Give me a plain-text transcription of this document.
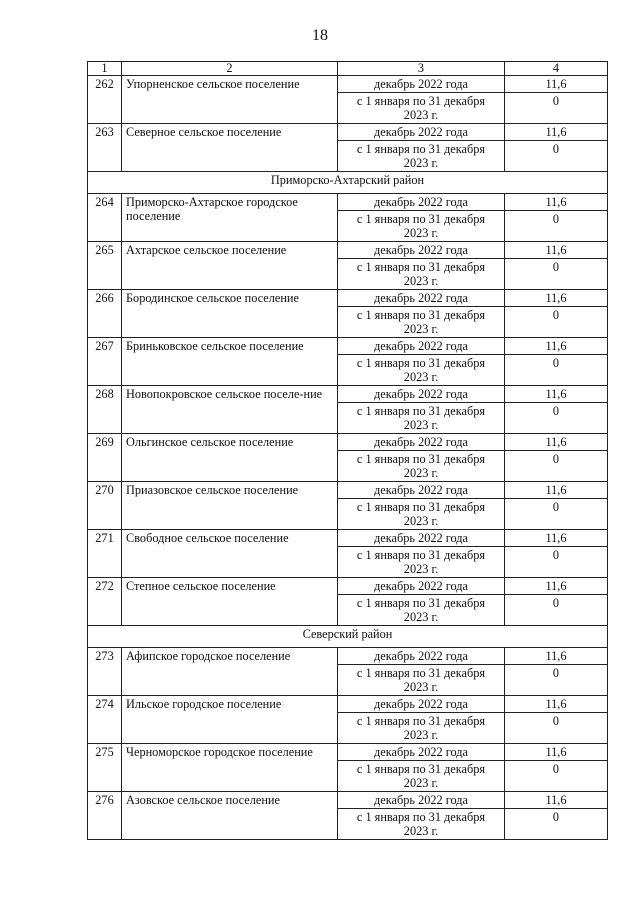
18
1	2	3	4
262	Упорненское сельское поселение	декабрь 2022 года	11,6

		с 1 января по 31 декабря
2023 г.	0
263	Северное сельское поселение	декабрь 2022 года	11,6

		с 1 января по 31 декабря
2023 г.	0
Приморско-Ахтарский район			
264	Приморско-Ахтарское городское поселение	декабрь 2022 года	11,6

		с 1 января по 31 декабря
2023 г.	0
265	Ахтарское сельское поселение	декабрь 2022 года	11,6

		с 1 января по 31 декабря
2023 г.	0
266	Бородинское сельское поселение	декабрь 2022 года	11,6

		с 1 января по 31 декабря
2023 г.	0
267	Бриньковское сельское поселение	декабрь 2022 года	11,6

		с 1 января по 31 декабря
2023 г.	0
268	Новопокровское сельское поселе-ние	декабрь 2022 года	11,6

		с 1 января по 31 декабря
2023 г.	0
269	Ольгинское сельское поселение	декабрь 2022 года	11,6

		с 1 января по 31 декабря
2023 г.	0
270	Приазовское сельское поселение	декабрь 2022 года	11,6

		с 1 января по 31 декабря
2023 г.	0
271	Свободное сельское поселение	декабрь 2022 года	11,6

		с 1 января по 31 декабря
2023 г.	0
272	Степное сельское поселение	декабрь 2022 года	11,6

		с 1 января по 31 декабря
2023 г.	0
Северский район			
273	Афипское городское поселение	декабрь 2022 года	11,6

		с 1 января по 31 декабря
2023 г.	0
274	Ильское городское поселение	декабрь 2022 года	11,6

		с 1 января по 31 декабря
2023 г.	0
275	Черноморское городское поселение	декабрь 2022 года	11,6

		с 1 января по 31 декабря
2023 г.	0
276	Азовское сельское поселение	декабрь 2022 года	11,6

		с 1 января по 31 декабря
2023 г.	0
